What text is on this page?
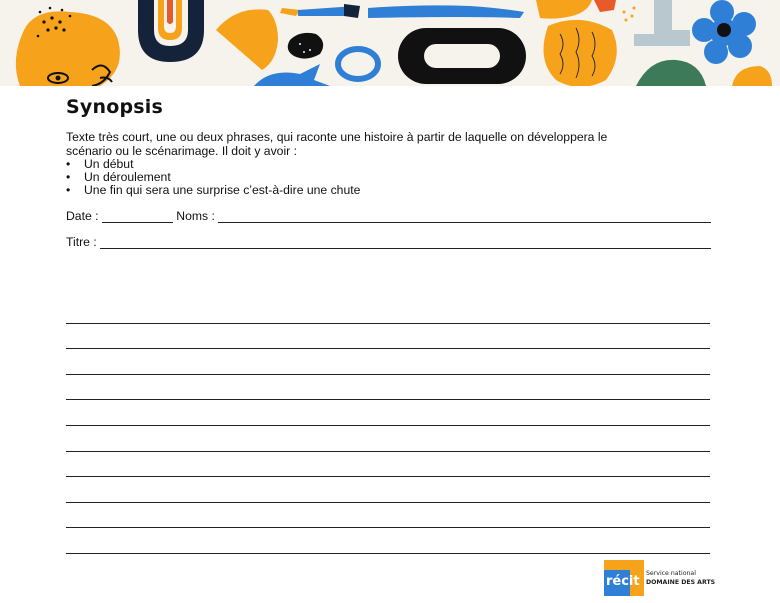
Synopsis
Texte très court, une ou deux phrases, qui raconte une histoire à partir de laquelle on développera le scénario ou le scénarimage. Il doit y avoir :
• Un début
• Un déroulement
• Une fin qui sera une surprise c’est-à-dire une chute
Date :	Noms :
Titre :
récit
Service national
DOMAINE DES ARTS
